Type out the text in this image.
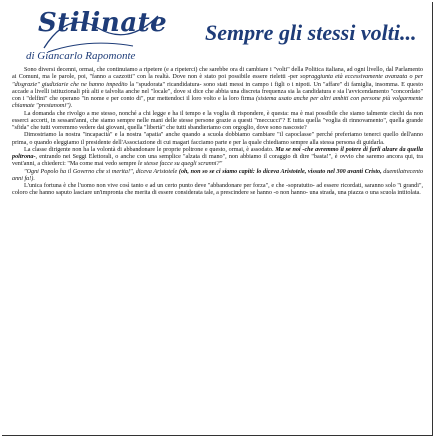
Stilinate
di Giancarlo Rapomonte
Sempre gli stessi volti...

Sono diversi decenni, ormai, che continuiamo a ripetere (e a ripeterci) che sarebbe ora di cambiare i "volti" della Politica italiana, ad ogni livello, dal Parlamento ai Comuni, ma le parole, poi, "fanno a cazzotti" con la realtà. Dove non è stato poi possibile essere rieletti -per sopraggiunta età eccessivamente avanzata o per "disgrazie" giudiziarie che ne hanno impedito la "spudorata" ricandidatura- sono stati messi in campo i figli o i nipoti. Un "affare" di famiglia, insomma. E questo accade a livelli istituzionali più alti e talvolta anche nel "locale", dove si dice che abbia una discreta frequenza sia la candidatura e sia l'avvicendamento "concordato" con i "delfini" che operano "in nome e per conto di", pur mettendoci il loro volto e la loro firma (sistema usato anche per altri ambiti con persone più volgarmente chiamate "prestanomi").

La domanda che rivolgo a me stesso, nonché a chi legge e ha il tempo e la voglia di rispondere, è questa: ma è mai possibile che siamo talmente ciechi da non esserci accorti, in sessant'anni, che siamo sempre nelle mani delle stesse persone grazie a questi "meccucci"? E tutta quella "voglia di rinnovamento", quella grande "sfida" che tutti vorremmo vedere dai giovani, quella "libertà" che tutti sbandieriamo con orgoglio, dove sono nascoste?

Dimostriamo la nostra "incapacità" e la nostra "apatia" anche quando a scuola dobbiamo cambiare "il capoclasse" perché preferiamo tenerci quello dell'anno prima, o quando eleggiamo il presidente dell'Associazione di cui magari facciamo parte e per la quale chiediamo sempre alla stessa persona di guidarla.

La classe dirigente non ha la volontà di abbandonare le proprie poltrone e questo, ormai, è assodato. Ma se noi -che avremmo il potere di farli alzare da quella poltrona-, entrando nei Seggi Elettorali, o anche con una semplice "alzata di mano", non abbiamo il coraggio di dire "basta!", è ovvio che saremo ancora qui, tra vent'anni, a chiederci: "Ma come mai vedo sempre le stesse facce su quegli scranni?"

"Ogni Popolo ha il Governo che si merita!", diceva Aristotele (oh, non so se ci siamo capiti: lo diceva Aristotele, vissuto nel 300 avanti Cristo, duemilatrecento anni fa!).

L'unica fortuna è che l'uomo non vive così tanto e ad un certo punto deve "abbandonare per forza", e che -sopratutto- ad essere ricordati, saranno solo "i grandi", coloro che hanno saputo lasciare un'impronta che merita di essere considerata tale, a prescindere se hanno -o non hanno- una strada, una piazza o una scuola intitolata.
